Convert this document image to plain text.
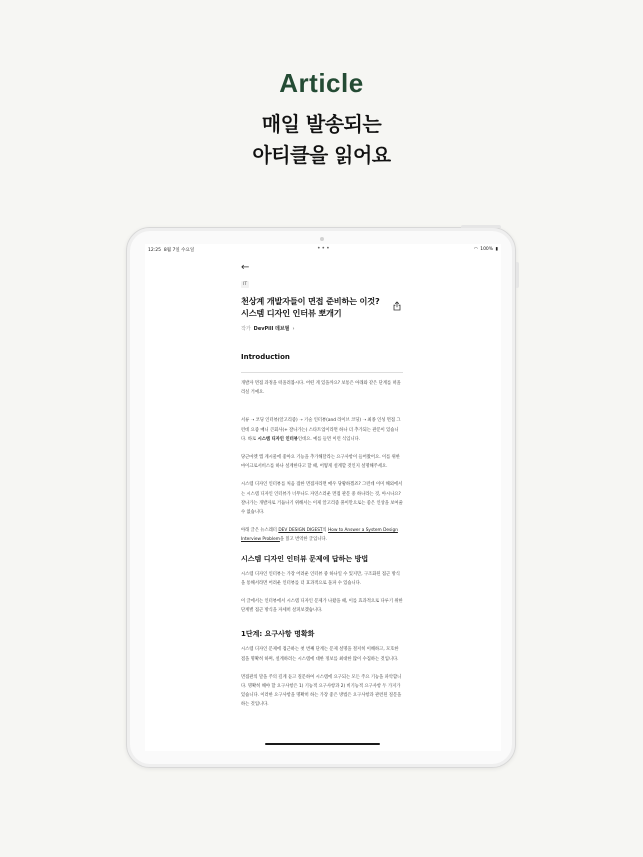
Article
매일 발송되는
아티클을 읽어요
12:25 8월 7일 수요일	•••	◠ 100% ▮
←
IT
천상계 개발자들이 면접 준비하는 이것? 시스템 디자인 인터뷰 뽀개기
작가 DevPill 데브필 ›
Introduction

개발자 면접 과정을 떠올려봅시다. 어떤 게 있을까요? 보통은 아래와 같은 단계를 떠올리실 거예요.

서류 ➝ 코딩 인터뷰(알고리즘) ➝ 기술 인터뷰(and 라이브 코딩) ➝ 최종 인성 면접 그런데 요즘 매니 큰회사(+ 잘나가는) 스타트업이라면 하나 더 추가되는 관문이 있습니다. 바로 시스템 디자인 인터뷰인데요. 예를 들면 이런 식입니다.

당근마켓 앱 게시물에 좋아요 기능을 추가해달라는 요구사항이 들어왔어요. 이를 위한 마이크로서비스를 하나 설계한다고 할 때, 어떻게 설계할 것인지 설명해주세요.

시스템 디자인 인터뷰를 처음 접한 면접자라면 매우 당황하겠죠? 그런데 이미 해외에서는 시스템 디자인 인터뷰가 너무나도 자연스러운 면접 관문 중 하나라는 것, 아시나요? 잘나가는 개발자로 거듭나기 위해서는 이제 알고리즘 풀이만으로는 좋은 인상을 보여줄 수 없습니다.

아래 글은 뉴스레터 DEV DESIGN DIGEST의 How to Answer a System Design Interview Problem을 읽고 번역한 글입니다.

시스템 디자인 인터뷰 문제에 답하는 방법

시스템 디자인 인터뷰는 가장 어려운 인터뷰 중 하나일 수 있지만, 구조화된 접근 방식을 통해서라면 어려운 인터뷰를 더 효과적으로 돌파 수 있습니다.

이 글에서는 인터뷰에서 시스템 디자인 문제가 나왔을 때, 이를 효과적으로 다루기 위한 단계별 접근 방식을 자세히 살펴보겠습니다.

1단계: 요구사항 명확화

시스템 디자인 문제에 접근하는 첫 번째 단계는 문제 설명을 철저히 이해하고, 모호한 점을 명확히 하며, 설계하려는 시스템에 대한 정보를 최대한 많이 수집하는 것입니다.

면접관의 말을 주의 깊게 듣고 질문하여 시스템에 요구되는 모든 주요 기능을 파악합니다. 명확히 해야 할 요구사항은 1) 기능적 요구사항과 2) 비기능적 요구사항 두 가지가 있습니다. 이러한 요구사항을 명확히 하는 가장 좋은 방법은 요구사항과 관련된 질문을 하는 것입니다.
